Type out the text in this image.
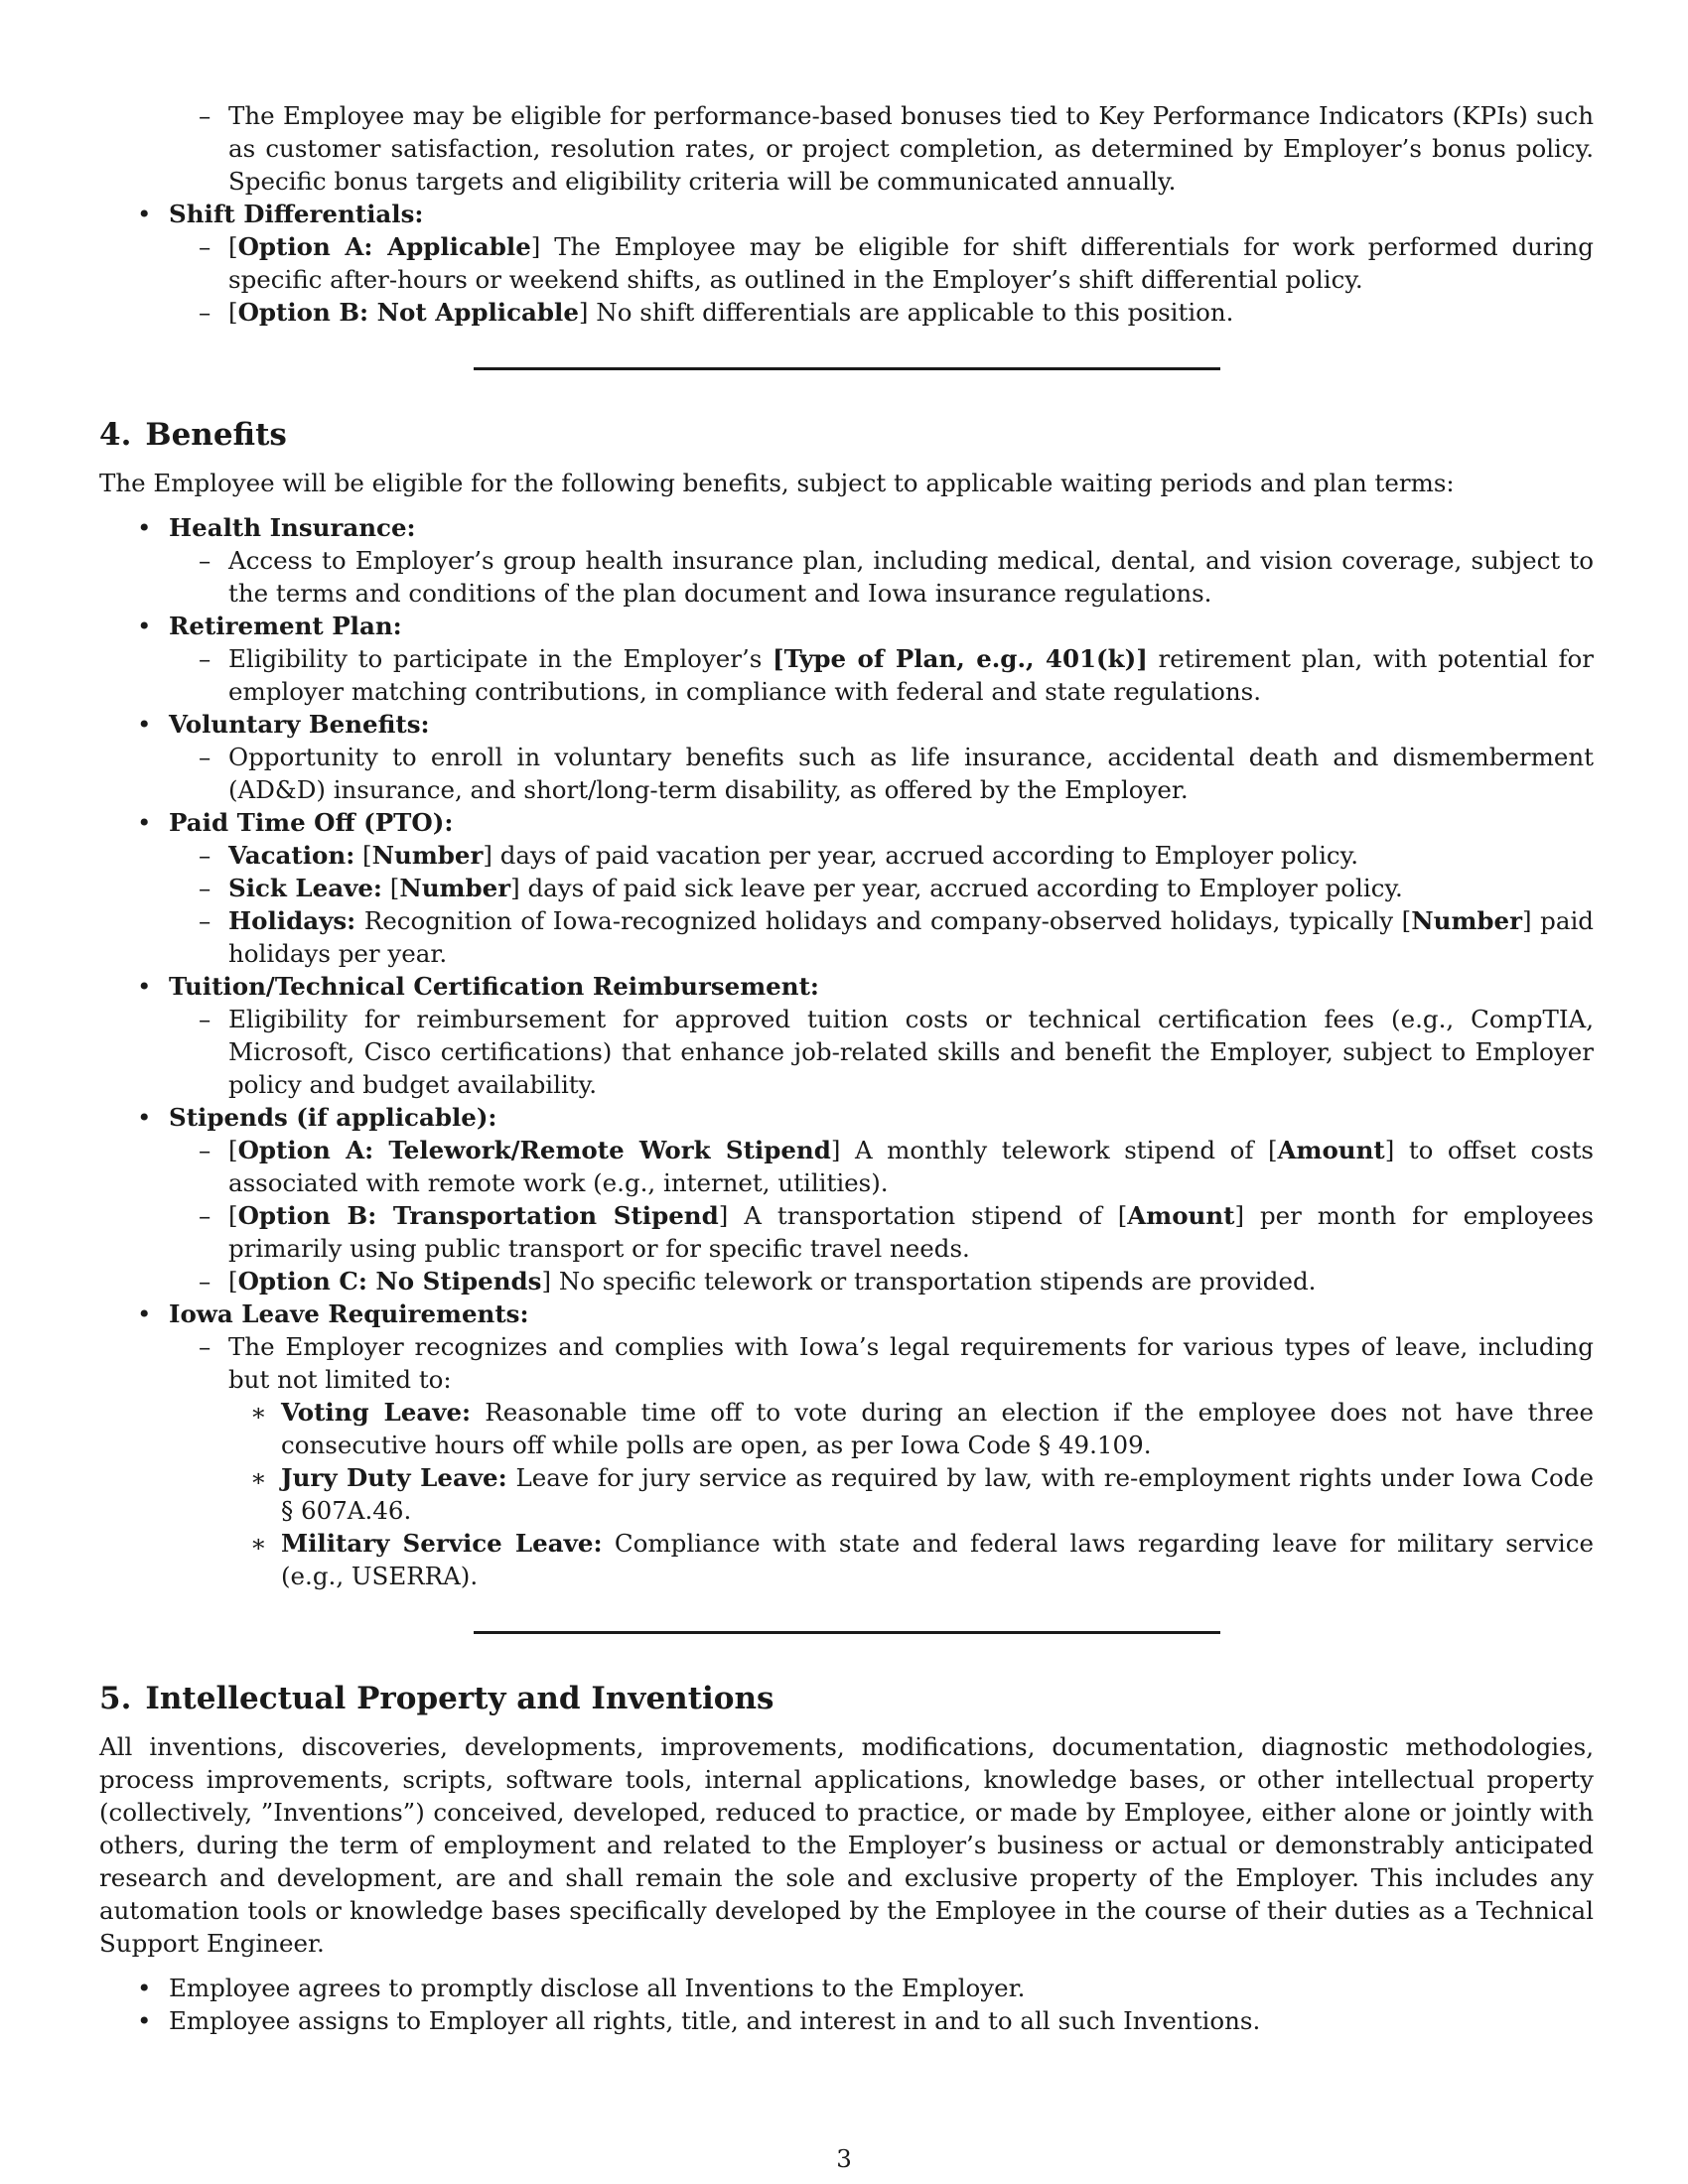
– The Employee may be eligible for performance-based bonuses tied to Key Performance Indicators (KPIs) such as customer satisfaction, resolution rates, or project completion, as determined by Employer’s bonus policy. Specific bonus targets and eligibility criteria will be communicated annually.
• Shift Differentials:
– [Option A: Applicable] The Employee may be eligible for shift differentials for work performed during specific after-hours or weekend shifts, as outlined in the Employer’s shift differential policy.
– [Option B: Not Applicable] No shift differentials are applicable to this position.
4. Benefits
The Employee will be eligible for the following benefits, subject to applicable waiting periods and plan terms:
• Health Insurance:
– Access to Employer’s group health insurance plan, including medical, dental, and vision coverage, subject to the terms and conditions of the plan document and Iowa insurance regulations.
• Retirement Plan:
– Eligibility to participate in the Employer’s [Type of Plan, e.g., 401(k)] retirement plan, with potential for employer matching contributions, in compliance with federal and state regulations.
• Voluntary Benefits:
– Opportunity to enroll in voluntary benefits such as life insurance, accidental death and dismemberment (AD&D) insurance, and short/long-term disability, as offered by the Employer.
• Paid Time Off (PTO):
– Vacation: [Number] days of paid vacation per year, accrued according to Employer policy.
– Sick Leave: [Number] days of paid sick leave per year, accrued according to Employer policy.
– Holidays: Recognition of Iowa-recognized holidays and company-observed holidays, typically [Number] paid holidays per year.
• Tuition/Technical Certification Reimbursement:
– Eligibility for reimbursement for approved tuition costs or technical certification fees (e.g., CompTIA, Microsoft, Cisco certifications) that enhance job-related skills and benefit the Employer, subject to Employer policy and budget availability.
• Stipends (if applicable):
– [Option A: Telework/Remote Work Stipend] A monthly telework stipend of [Amount] to offset costs associated with remote work (e.g., internet, utilities).
– [Option B: Transportation Stipend] A transportation stipend of [Amount] per month for employees primarily using public transport or for specific travel needs.
– [Option C: No Stipends] No specific telework or transportation stipends are provided.
• Iowa Leave Requirements:
– The Employer recognizes and complies with Iowa’s legal requirements for various types of leave, including but not limited to:
∗ Voting Leave: Reasonable time off to vote during an election if the employee does not have three consecutive hours off while polls are open, as per Iowa Code § 49.109.
∗ Jury Duty Leave: Leave for jury service as required by law, with re-employment rights under Iowa Code § 607A.46.
∗ Military Service Leave: Compliance with state and federal laws regarding leave for military service (e.g., USERRA).
5. Intellectual Property and Inventions
All inventions, discoveries, developments, improvements, modifications, documentation, diagnostic methodologies, process improvements, scripts, software tools, internal applications, knowledge bases, or other intellectual property (collectively, ”Inventions”) conceived, developed, reduced to practice, or made by Employee, either alone or jointly with others, during the term of employment and related to the Employer’s business or actual or demonstrably anticipated research and development, are and shall remain the sole and exclusive property of the Employer. This includes any automation tools or knowledge bases specifically developed by the Employee in the course of their duties as a Technical Support Engineer.
• Employee agrees to promptly disclose all Inventions to the Employer.
• Employee assigns to Employer all rights, title, and interest in and to all such Inventions.
3
